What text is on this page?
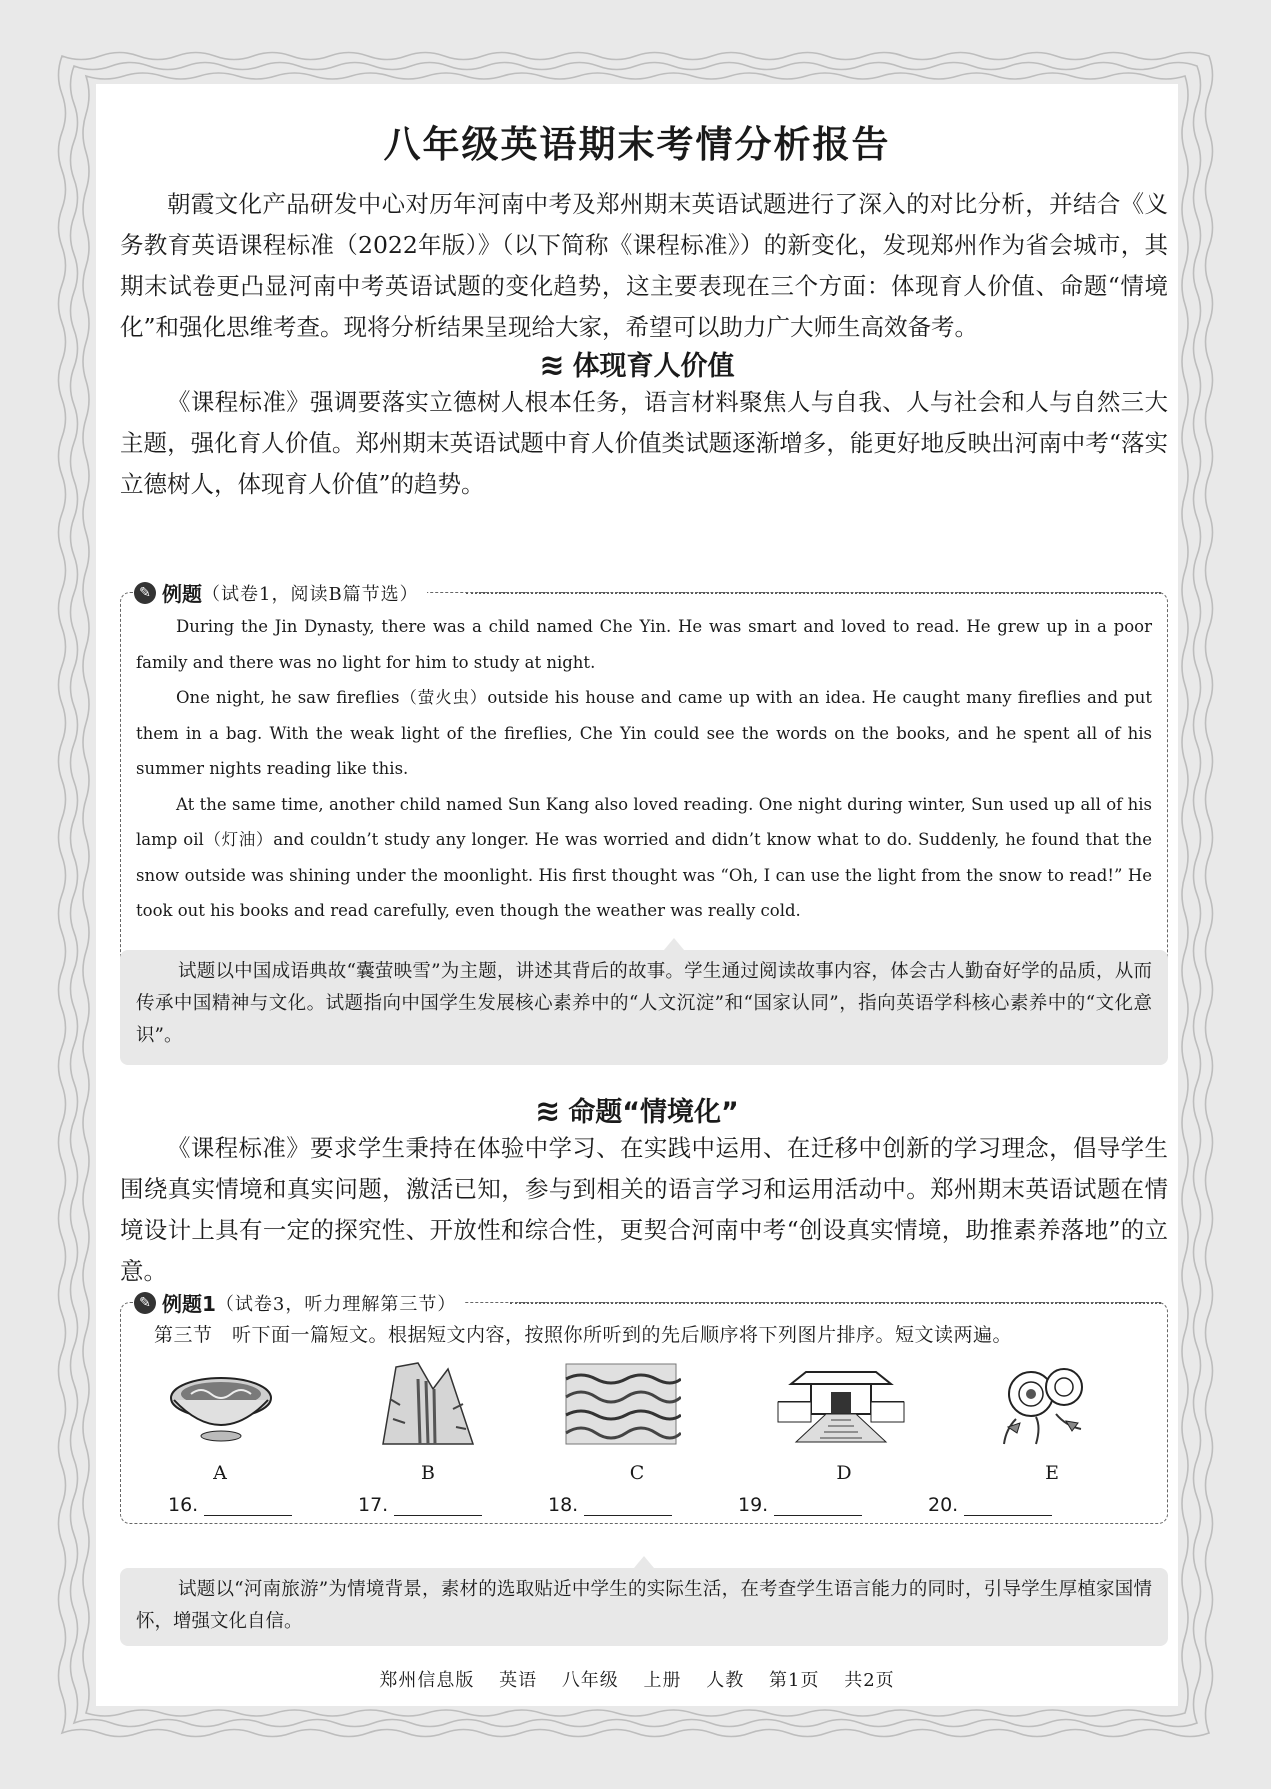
八年级英语期末考情分析报告

朝霞文化产品研发中心对历年河南中考及郑州期末英语试题进行了深入的对比分析，并结合《义务教育英语课程标准（2022年版）》（以下简称《课程标准》）的新变化，发现郑州作为省会城市，其期末试卷更凸显河南中考英语试题的变化趋势，这主要表现在三个方面：体现育人价值、命题“情境化”和强化思维考查。现将分析结果呈现给大家，希望可以助力广大师生高效备考。

≋ 体现育人价值

《课程标准》强调要落实立德树人根本任务，语言材料聚焦人与自我、人与社会和人与自然三大主题，强化育人价值。郑州期末英语试题中育人价值类试题逐渐增多，能更好地反映出河南中考“落实立德树人，体现育人价值”的趋势。

✎ 例题 （试卷1，阅读B篇节选）

During the Jin Dynasty, there was a child named Che Yin. He was smart and loved to read. He grew up in a poor family and there was no light for him to study at night.

One night, he saw fireflies（萤火虫）outside his house and came up with an idea. He caught many fireflies and put them in a bag. With the weak light of the fireflies, Che Yin could see the words on the books, and he spent all of his summer nights reading like this.

At the same time, another child named Sun Kang also loved reading. One night during winter, Sun used up all of his lamp oil（灯油）and couldn’t study any longer. He was worried and didn’t know what to do. Suddenly, he found that the snow outside was shining under the moonlight. His first thought was “Oh, I can use the light from the snow to read!” He took out his books and read carefully, even though the weather was really cold.

试题以中国成语典故“囊萤映雪”为主题，讲述其背后的故事。学生通过阅读故事内容，体会古人勤奋好学的品质，从而传承中国精神与文化。试题指向中国学生发展核心素养中的“人文沉淀”和“国家认同”，指向英语学科核心素养中的“文化意识”。
≋ 命题“情境化”

《课程标准》要求学生秉持在体验中学习、在实践中运用、在迁移中创新的学习理念，倡导学生围绕真实情境和真实问题，激活已知，参与到相关的语言学习和运用活动中。郑州期末英语试题在情境设计上具有一定的探究性、开放性和综合性，更契合河南中考“创设真实情境，助推素养落地”的立意。

✎ 例题1 （试卷3，听力理解第三节）
第三节　听下面一篇短文。根据短文内容，按照你所听到的先后顺序将下列图片排序。短文读两遍。
A	B	C	D	E
16.	17.	18.	19.	20.
试题以“河南旅游”为情境背景，素材的选取贴近中学生的实际生活，在考查学生语言能力的同时，引导学生厚植家国情怀，增强文化自信。
郑州信息版 英语 八年级 上册 人教 第1页 共2页
